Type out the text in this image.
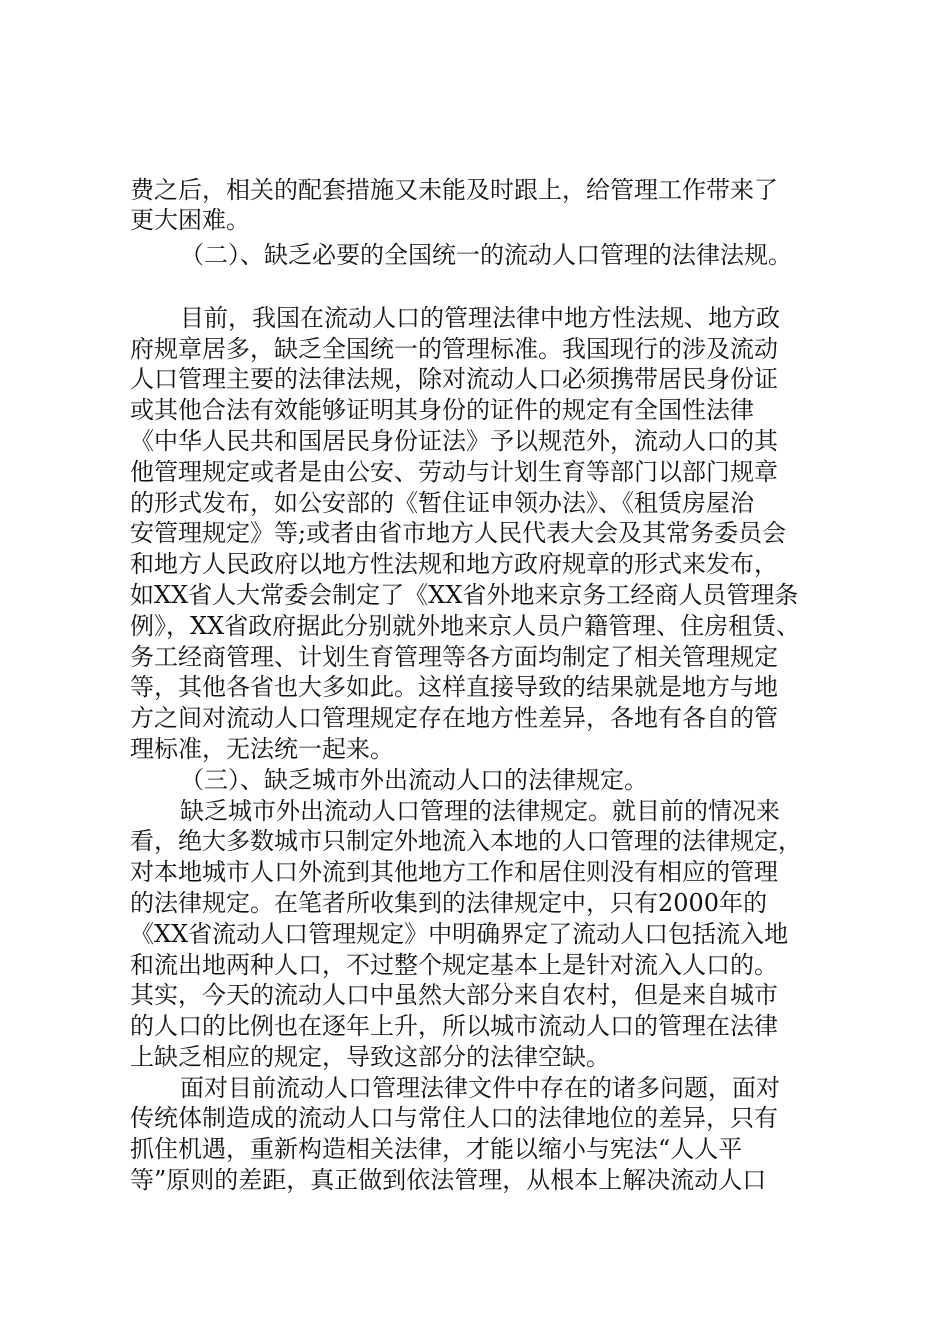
费之后，相关的配套措施又未能及时跟上，给管理工作带来了

更大困难。

（二）、缺乏必要的全国统一的流动人口管理的法律法规。

目前，我国在流动人口的管理法律中地方性法规、地方政

府规章居多，缺乏全国统一的管理标准。我国现行的涉及流动

人口管理主要的法律法规，除对流动人口必须携带居民身份证

或其他合法有效能够证明其身份的证件的规定有全国性法律

《中华人民共和国居民身份证法》予以规范外，流动人口的其

他管理规定或者是由公安、劳动与计划生育等部门以部门规章

的形式发布，如公安部的《暂住证申领办法》、《租赁房屋治

安管理规定》等;或者由省市地方人民代表大会及其常务委员会

和地方人民政府以地方性法规和地方政府规章的形式来发布，

如XX省人大常委会制定了《XX省外地来京务工经商人员管理条

例》，XX省政府据此分别就外地来京人员户籍管理、住房租赁、

务工经商管理、计划生育管理等各方面均制定了相关管理规定

等，其他各省也大多如此。这样直接导致的结果就是地方与地

方之间对流动人口管理规定存在地方性差异，各地有各自的管

理标准，无法统一起来。

（三）、缺乏城市外出流动人口的法律规定。

缺乏城市外出流动人口管理的法律规定。就目前的情况来

看，绝大多数城市只制定外地流入本地的人口管理的法律规定，

对本地城市人口外流到其他地方工作和居住则没有相应的管理

的法律规定。在笔者所收集到的法律规定中，只有2000年的

《XX省流动人口管理规定》中明确界定了流动人口包括流入地

和流出地两种人口，不过整个规定基本上是针对流入人口的。

其实，今天的流动人口中虽然大部分来自农村，但是来自城市

的人口的比例也在逐年上升，所以城市流动人口的管理在法律

上缺乏相应的规定，导致这部分的法律空缺。

面对目前流动人口管理法律文件中存在的诸多问题，面对

传统体制造成的流动人口与常住人口的法律地位的差异，只有

抓住机遇，重新构造相关法律，才能以缩小与宪法“人人平

等”原则的差距，真正做到依法管理，从根本上解决流动人口
